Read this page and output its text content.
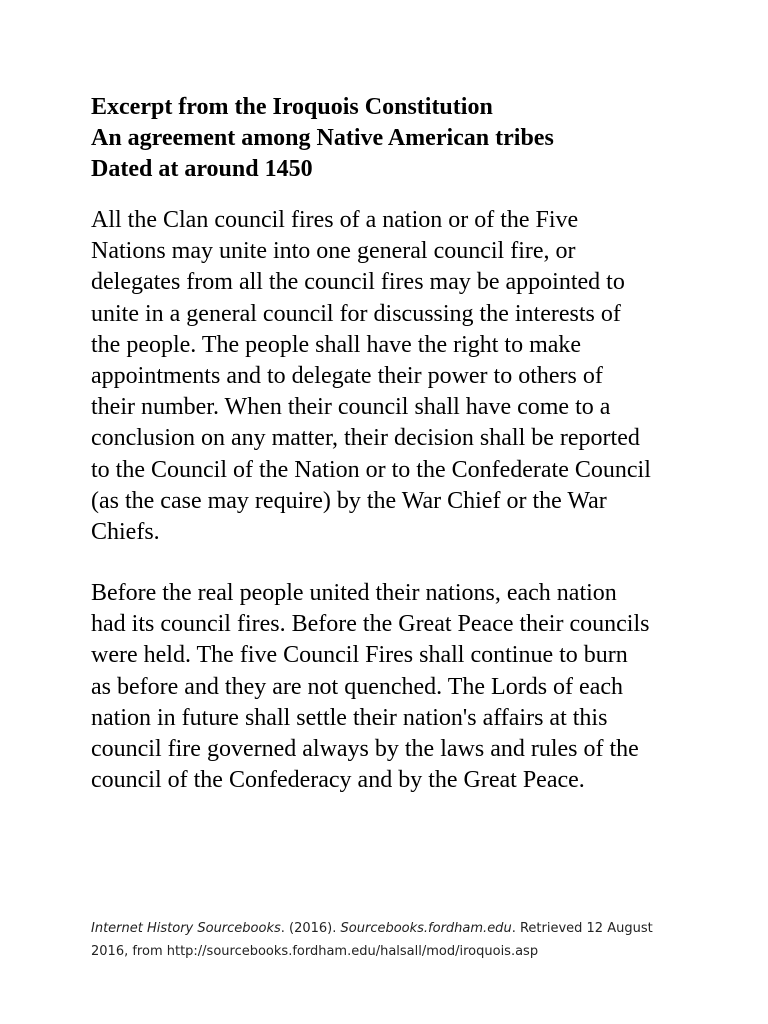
Excerpt from the Iroquois Constitution
An agreement among Native American tribes
Dated at around 1450
All the Clan council fires of a nation or of the Five
Nations may unite into one general council fire, or
delegates from all the council fires may be appointed to
unite in a general council for discussing the interests of
the people. The people shall have the right to make
appointments and to delegate their power to others of
their number. When their council shall have come to a
conclusion on any matter, their decision shall be reported
to the Council of the Nation or to the Confederate Council
(as the case may require) by the War Chief or the War
Chiefs.
Before the real people united their nations, each nation
had its council fires. Before the Great Peace their councils
were held. The five Council Fires shall continue to burn
as before and they are not quenched. The Lords of each
nation in future shall settle their nation's affairs at this
council fire governed always by the laws and rules of the
council of the Confederacy and by the Great Peace.
Internet History Sourcebooks. (2016). Sourcebooks.fordham.edu. Retrieved 12 August
2016, from http://sourcebooks.fordham.edu/halsall/mod/iroquois.asp
